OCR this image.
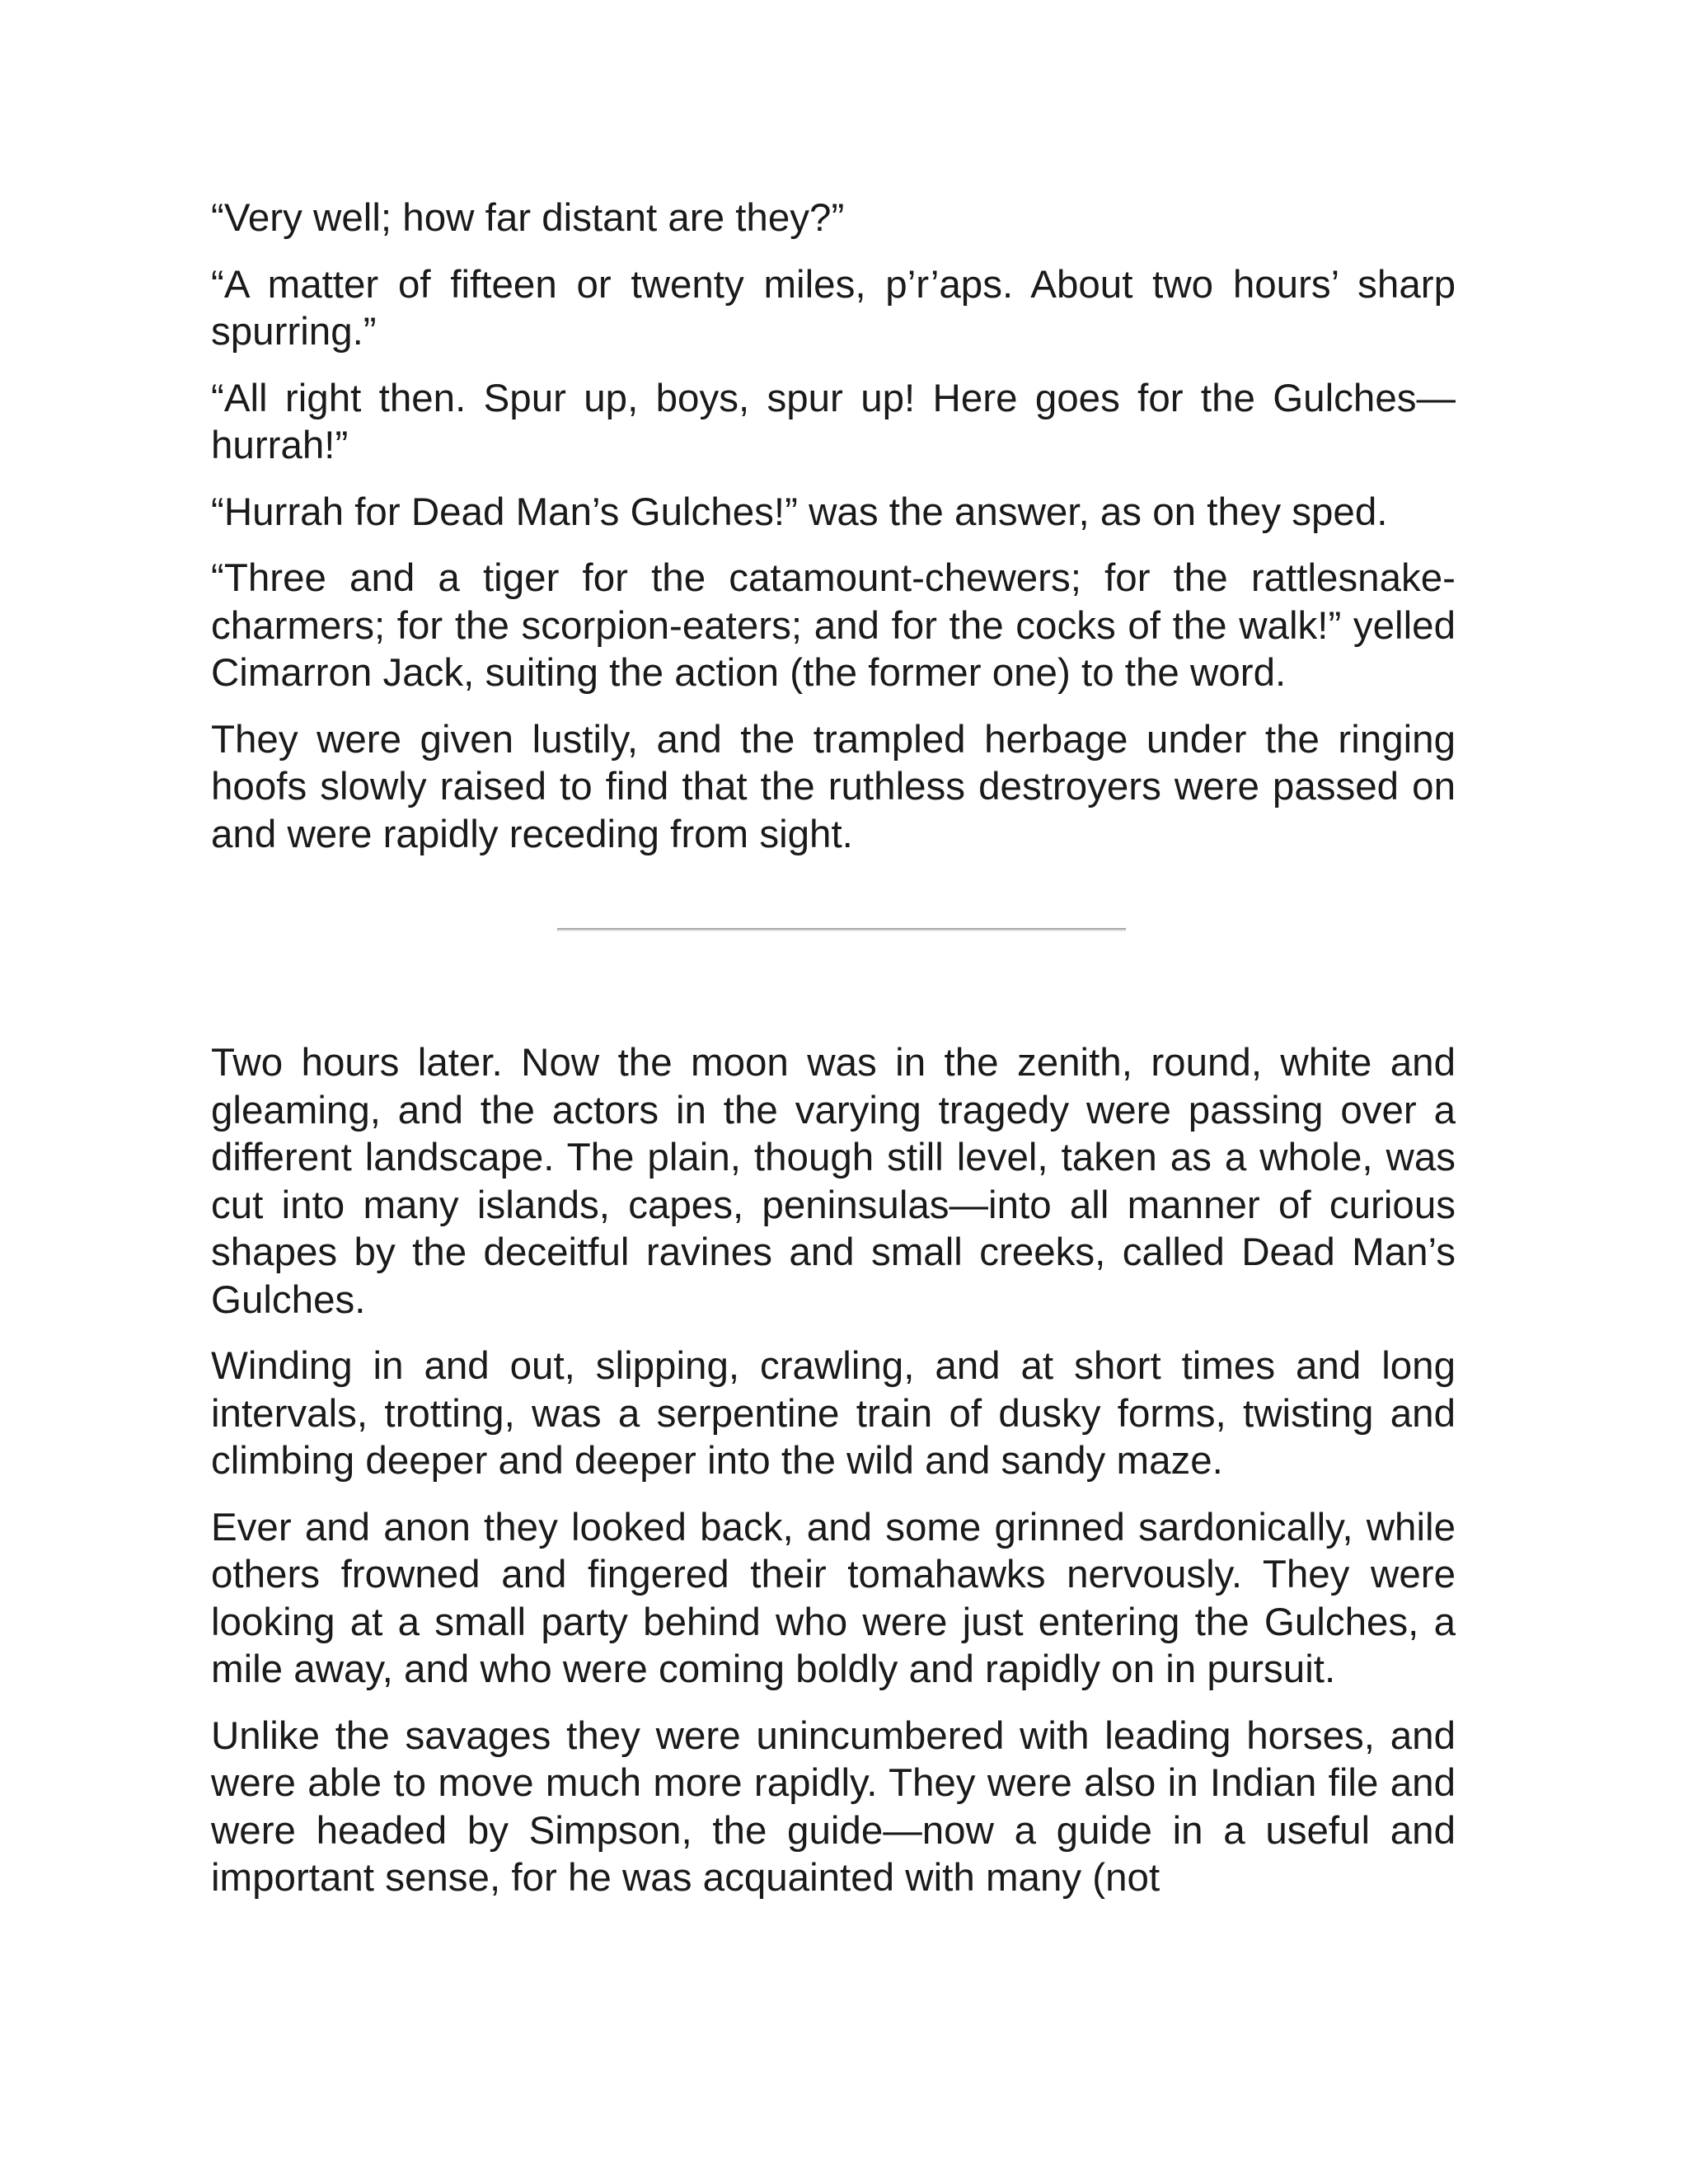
“Very well; how far distant are they?”

“A matter of fifteen or twenty miles, p’r’aps. About two hours’ sharp spurring.”

“All right then. Spur up, boys, spur up! Here goes for the Gulches—hurrah!”

“Hurrah for Dead Man’s Gulches!” was the answer, as on they sped.

“Three and a tiger for the catamount-chewers; for the rattlesnake-charmers; for the scorpion-eaters; and for the cocks of the walk!” yelled Cimarron Jack, suiting the action (the former one) to the word.

They were given lustily, and the trampled herbage under the ringing hoofs slowly raised to find that the ruthless destroyers were passed on and were rapidly receding from sight.

Two hours later. Now the moon was in the zenith, round, white and gleaming, and the actors in the varying tragedy were passing over a different landscape. The plain, though still level, taken as a whole, was cut into many islands, capes, peninsulas—into all manner of curious shapes by the deceitful ravines and small creeks, called Dead Man’s Gulches.

Winding in and out, slipping, crawling, and at short times and long intervals, trotting, was a serpentine train of dusky forms, twisting and climbing deeper and deeper into the wild and sandy maze.

Ever and anon they looked back, and some grinned sardonically, while others frowned and fingered their tomahawks nervously. They were looking at a small party behind who were just entering the Gulches, a mile away, and who were coming boldly and rapidly on in pursuit.

Unlike the savages they were unincumbered with leading horses, and were able to move much more rapidly. They were also in Indian file and were headed by Simpson, the guide—now a guide in a useful and important sense, for he was acquainted with many (not
